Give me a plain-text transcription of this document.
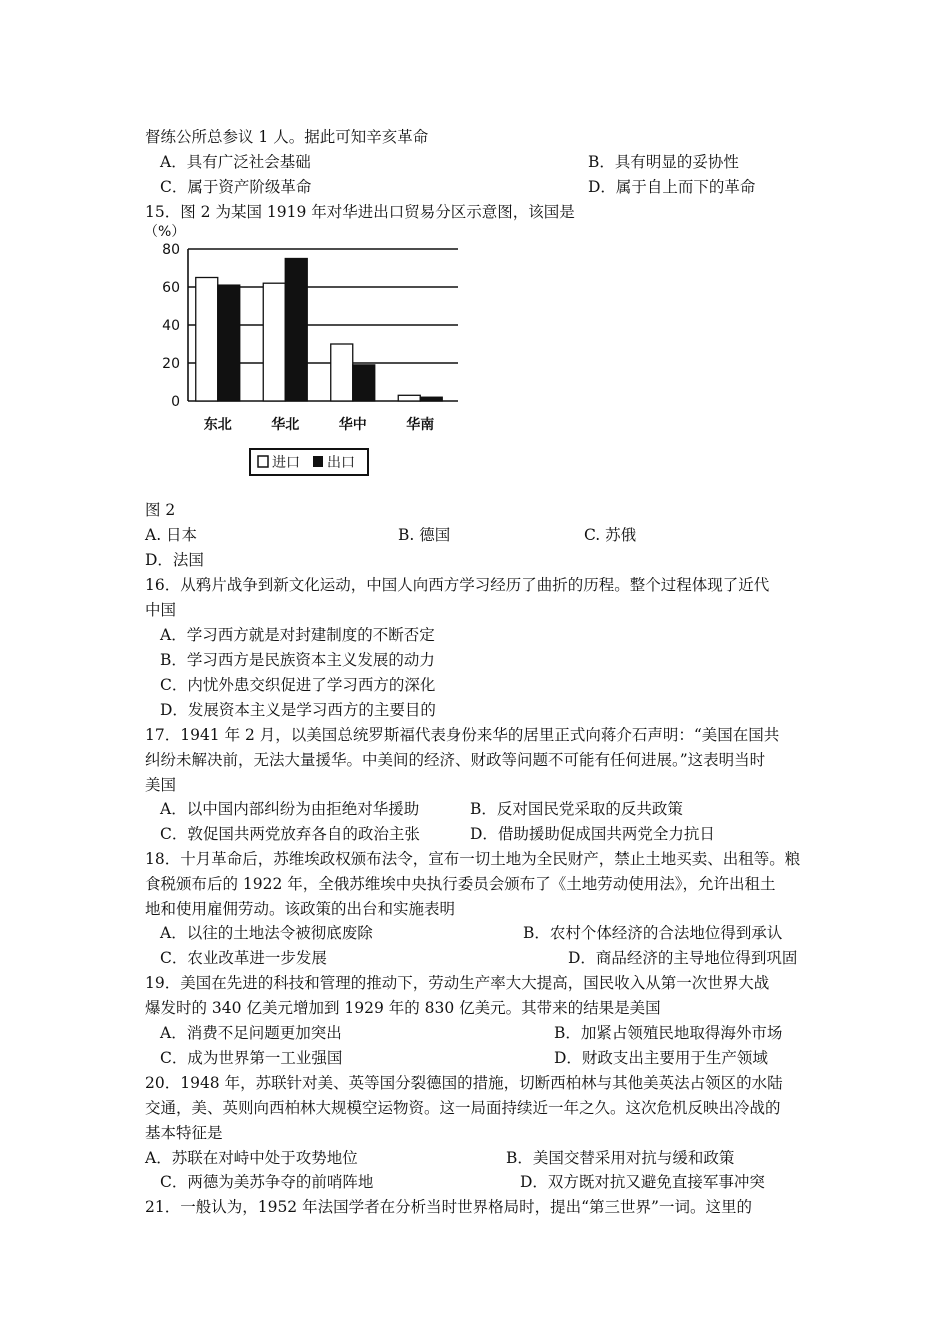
督练公所总参议 1 人。据此可知辛亥革命
A．具有广泛社会基础	B．具有明显的妥协性
C．属于资产阶级革命	D．属于自上而下的革命
15．图 2 为某国 1919 年对华进出口贸易分区示意图，该国是
（%）
0
20
40
60
80
东北	华北	华中	华南
进口 出口
图 2
A. 日本	B. 德国	C. 苏俄
D．法国
16．从鸦片战争到新文化运动，中国人向西方学习经历了曲折的历程。整个过程体现了近代
中国
A．学习西方就是对封建制度的不断否定
B．学习西方是民族资本主义发展的动力
C．内忧外患交织促进了学习西方的深化
D．发展资本主义是学习西方的主要目的
17．1941 年 2 月，以美国总统罗斯福代表身份来华的居里正式向蒋介石声明：“美国在国共
纠纷未解决前，无法大量援华。中美间的经济、财政等问题不可能有任何进展。”这表明当时
美国
A．以中国内部纠纷为由拒绝对华援助	B．反对国民党采取的反共政策
C．敦促国共两党放弃各自的政治主张	D．借助援助促成国共两党全力抗日
18．十月革命后，苏维埃政权颁布法令，宣布一切土地为全民财产，禁止土地买卖、出租等。粮
食税颁布后的 1922 年，全俄苏维埃中央执行委员会颁布了《土地劳动使用法》，允许出租土
地和使用雇佣劳动。该政策的出台和实施表明
A．以往的土地法令被彻底废除	B．农村个体经济的合法地位得到承认
C．农业改革进一步发展	D．商品经济的主导地位得到巩固
19．美国在先进的科技和管理的推动下，劳动生产率大大提高，国民收入从第一次世界大战
爆发时的 340 亿美元增加到 1929 年的 830 亿美元。其带来的结果是美国
A．消费不足问题更加突出	B．加紧占领殖民地取得海外市场
C．成为世界第一工业强国	D．财政支出主要用于生产领域
20．1948 年，苏联针对美、英等国分裂德国的措施，切断西柏林与其他美英法占领区的水陆
交通，美、英则向西柏林大规模空运物资。这一局面持续近一年之久。这次危机反映出冷战的
基本特征是
A．苏联在对峙中处于攻势地位	B．美国交替采用对抗与缓和政策
C．两德为美苏争夺的前哨阵地	D．双方既对抗又避免直接军事冲突
21．一般认为，1952 年法国学者在分析当时世界格局时，提出“第三世界”一词。这里的
